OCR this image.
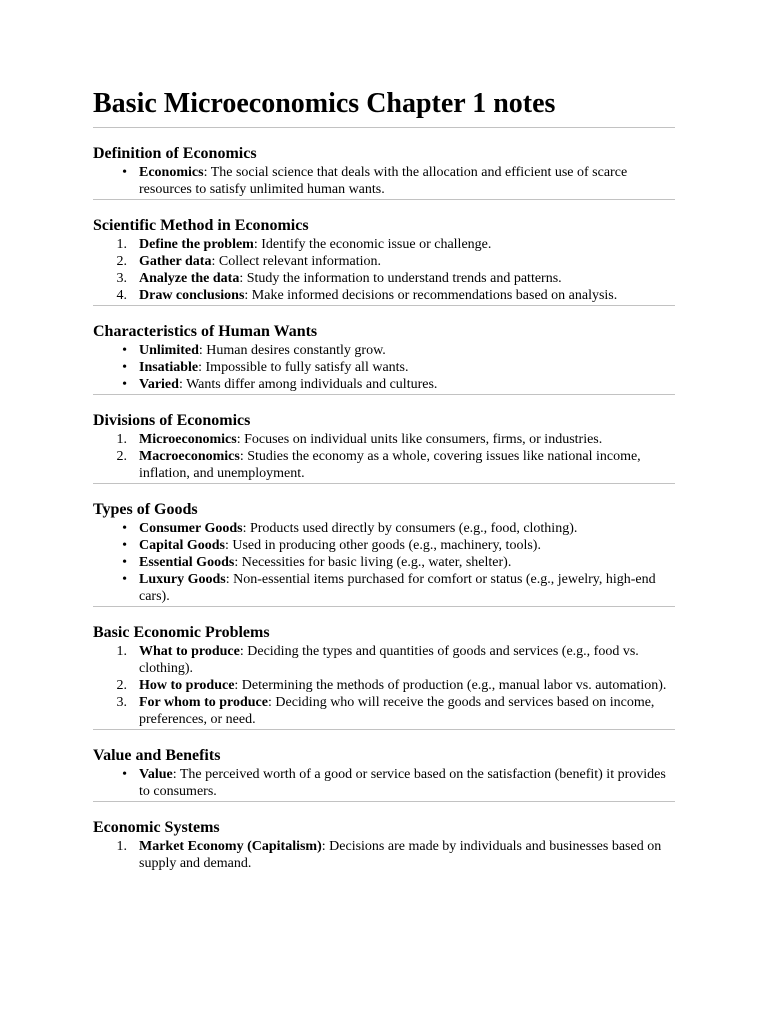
Basic Microeconomics Chapter 1 notes
Definition of Economics
• Economics: The social science that deals with the allocation and efficient use of scarce resources to satisfy unlimited human wants.
Scientific Method in Economics
1. Define the problem: Identify the economic issue or challenge.
2. Gather data: Collect relevant information.
3. Analyze the data: Study the information to understand trends and patterns.
4. Draw conclusions: Make informed decisions or recommendations based on analysis.
Characteristics of Human Wants
• Unlimited: Human desires constantly grow.
• Insatiable: Impossible to fully satisfy all wants.
• Varied: Wants differ among individuals and cultures.
Divisions of Economics
1. Microeconomics: Focuses on individual units like consumers, firms, or industries.
2. Macroeconomics: Studies the economy as a whole, covering issues like national income, inflation, and unemployment.
Types of Goods
• Consumer Goods: Products used directly by consumers (e.g., food, clothing).
• Capital Goods: Used in producing other goods (e.g., machinery, tools).
• Essential Goods: Necessities for basic living (e.g., water, shelter).
• Luxury Goods: Non-essential items purchased for comfort or status (e.g., jewelry, high-end cars).
Basic Economic Problems
1. What to produce: Deciding the types and quantities of goods and services (e.g., food vs. clothing).
2. How to produce: Determining the methods of production (e.g., manual labor vs. automation).
3. For whom to produce: Deciding who will receive the goods and services based on income, preferences, or need.
Value and Benefits
• Value: The perceived worth of a good or service based on the satisfaction (benefit) it provides to consumers.
Economic Systems
1. Market Economy (Capitalism): Decisions are made by individuals and businesses based on supply and demand.
